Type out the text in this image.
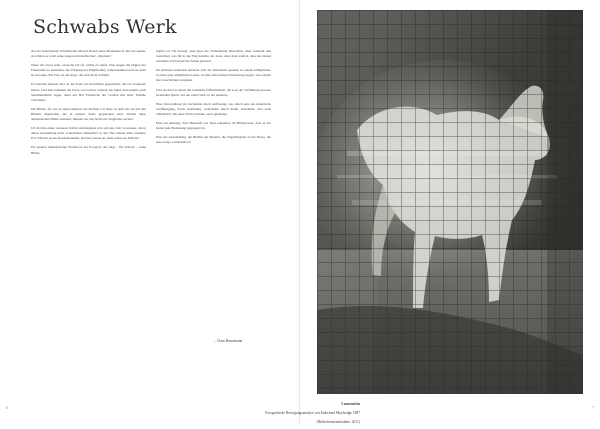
Schwabs Werk

Als der französische Schriftsteller Marcel Proust seine Madeleine in den Tee tunkte, da schloss er wohl seine Augen und dachte hier: „Moment“.

Wenn ich etwas sehe, versuche ich oft, nichts zu sehen. Den Augen die Orgien der Erkenntnis zu entziehen, die Wirkung der Empfindung wahrzunehmen und sie nicht zu zerreden. Ein Foto ist ein Auge, das sich nicht schließt.

Es unserem Inneren aber, in der Seele, da sind Bilder gespeichert, die wir vergessen hatten. Und hier kommen die Fotos von Gustav Schwab ins Spiel, man könnte auch Sentimentalität sagen, denn ein Hof Friedrichs des Großen mit einer Familie verbunden.

Die Bilder, die wir zu sehen meinen, die machen wir ihrer, in dem wir sie mit den Bildern abgleichen, die in unserer Seele gespeichert sind. Wollen diese authentischen Bilder erinnern, müssen wir uns nicht erst Vergleiche suchen.

Ich möchte einen weiteren Schritt zurückgehen und auf eine Zeit verweisen, die in dieser Ausstellung nicht vorkommen: Ohnedies? in den 70er Jahren. Hier studierte Eva Schwab an der Kunstakademie, und hier wurde sie dann selbst zur Malerin.

Ein anderer künstlerischer Freund ist der Fotograf, der zeigt – für Schwab – seine Bilder.

Gipfel vor Tal bewegt, eine Spur der Veränderung hinterlässt, alles vollzieht und vernichtet, was für in den Weg kommt, der Lens. Aber man weiß ja, dass das diesen extremen Vollverlauf der Sonne geboten.

Im nächsten Ausbruch entdeckt sich der Künstlerin speziell, in einem Alltäglichen, in einer ganz alltäglichen Geste, in einer historischen Erinnerung liegen, wie schnell hier Geschichten vergehen.

Und doch ist es durch die weibliche Öffentlichkeit, die Last der Verführung und des leckenden Spiels, aus der einen Welt, in der anderen...

Eine Verwandlung ins Lächelnde durch Auflösung, also durch eine Art malerische Verflüssigung, durch Auslösung, verfremdet, durch Staub, Unschärfe, aber auch willkürlich, mit einer Portion Risiko, stets gebunden.

Eine Art Ahnung, dass Herkunft von Sinn erkennbar im Bildsprache, dass in der Kunst jede Bedeutung gespiegelt ist.

Eine Art Abwandlung, die Heimat der Malerei, die Zugehörigkeit an die Pforte, die eine ewige Landschaft ist.

– Claus Brunsmann
6	7

Lanzenstein

Fotografische Bewegungsanalyse von Eadweard Muybridge 1887

(Bildreferenzaufnahme, 2011)
